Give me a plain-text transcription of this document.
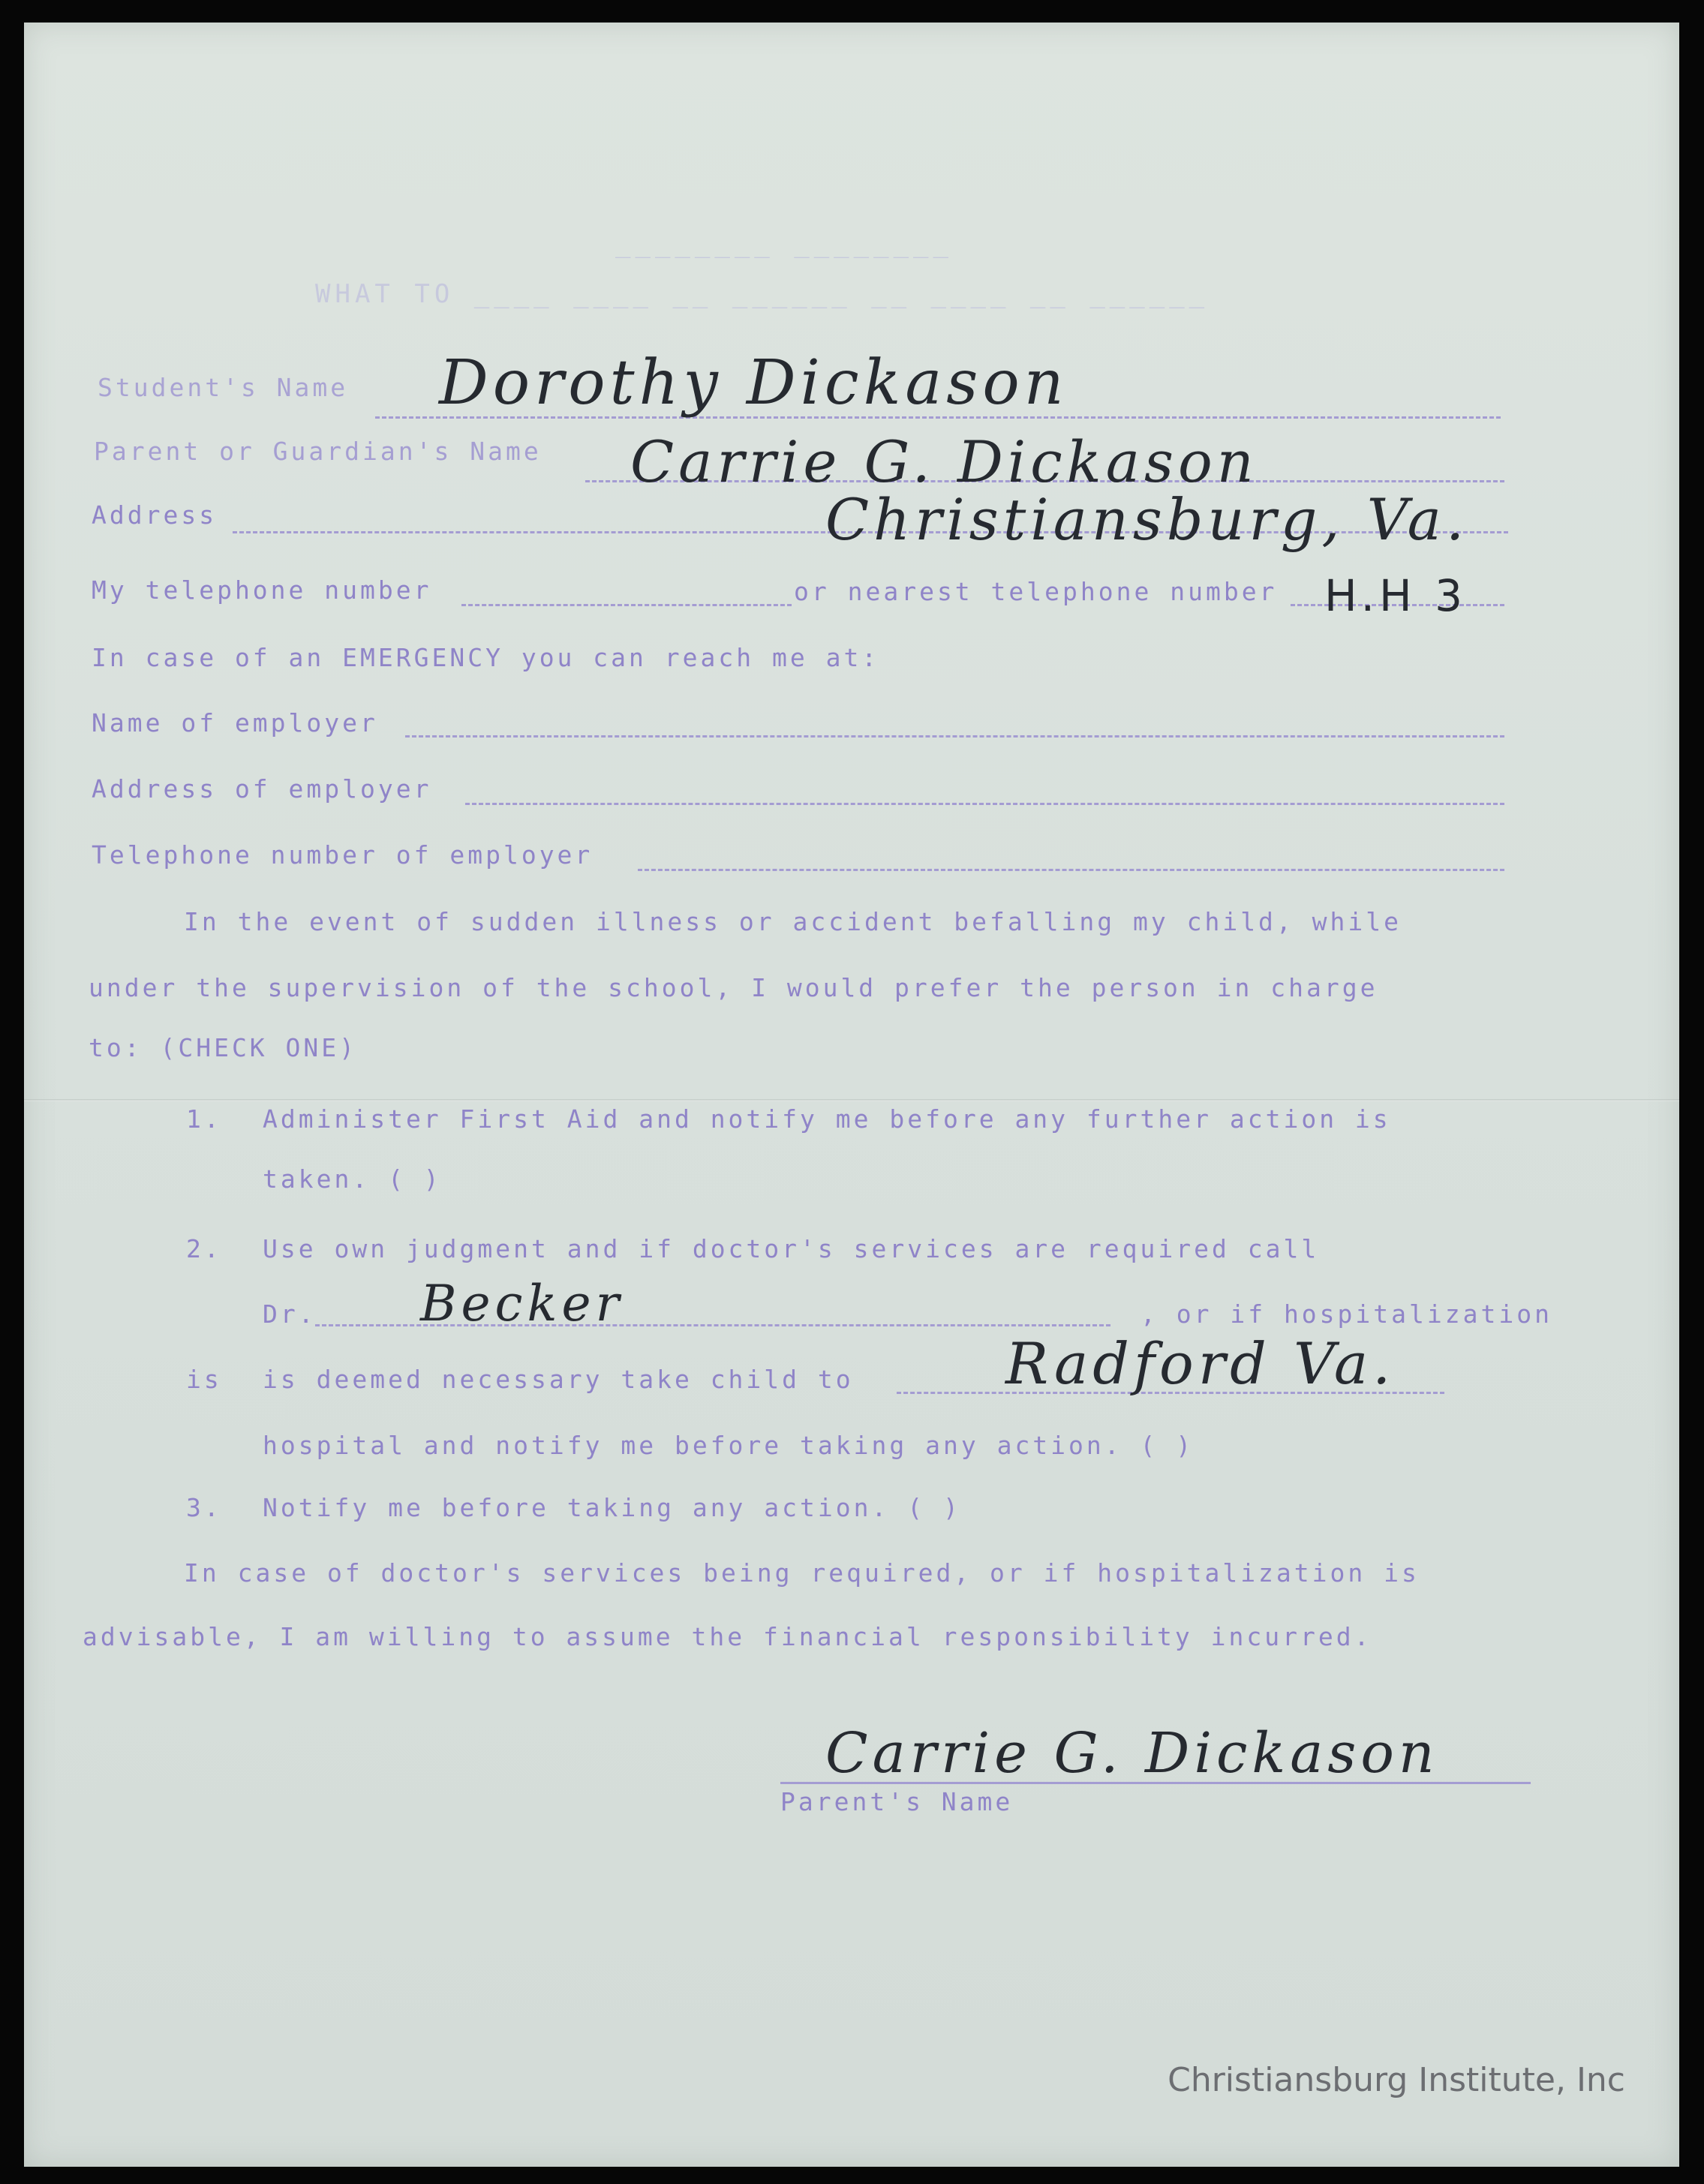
________ ________
WHAT TO ____ ____ __ ______ __ ____ __ ______
Student's Name Dorothy Dickason
Parent or Guardian's Name Carrie G. Dickason
Address	Christiansburg, Va.
My telephone number	or nearest telephone number H.H 3
In case of an EMERGENCY you can reach me at:
Name of employer
Address of employer
Telephone number of employer
In the event of sudden illness or accident befalling my child, while
under the supervision of the school, I would prefer the person in charge
to: (CHECK ONE)
1. Administer First Aid and notify me before any further action is
taken. ( )
2. Use own judgment and if doctor's services are required call
Dr. Becker	, or if hospitalization
is is deemed necessary take child to	Radford Va.
hospital and notify me before taking any action. ( )
3. Notify me before taking any action. ( )
In case of doctor's services being required, or if hospitalization is
advisable, I am willing to assume the financial responsibility incurred.
Carrie G. Dickason
Parent's Name
Christiansburg Institute, Inc
